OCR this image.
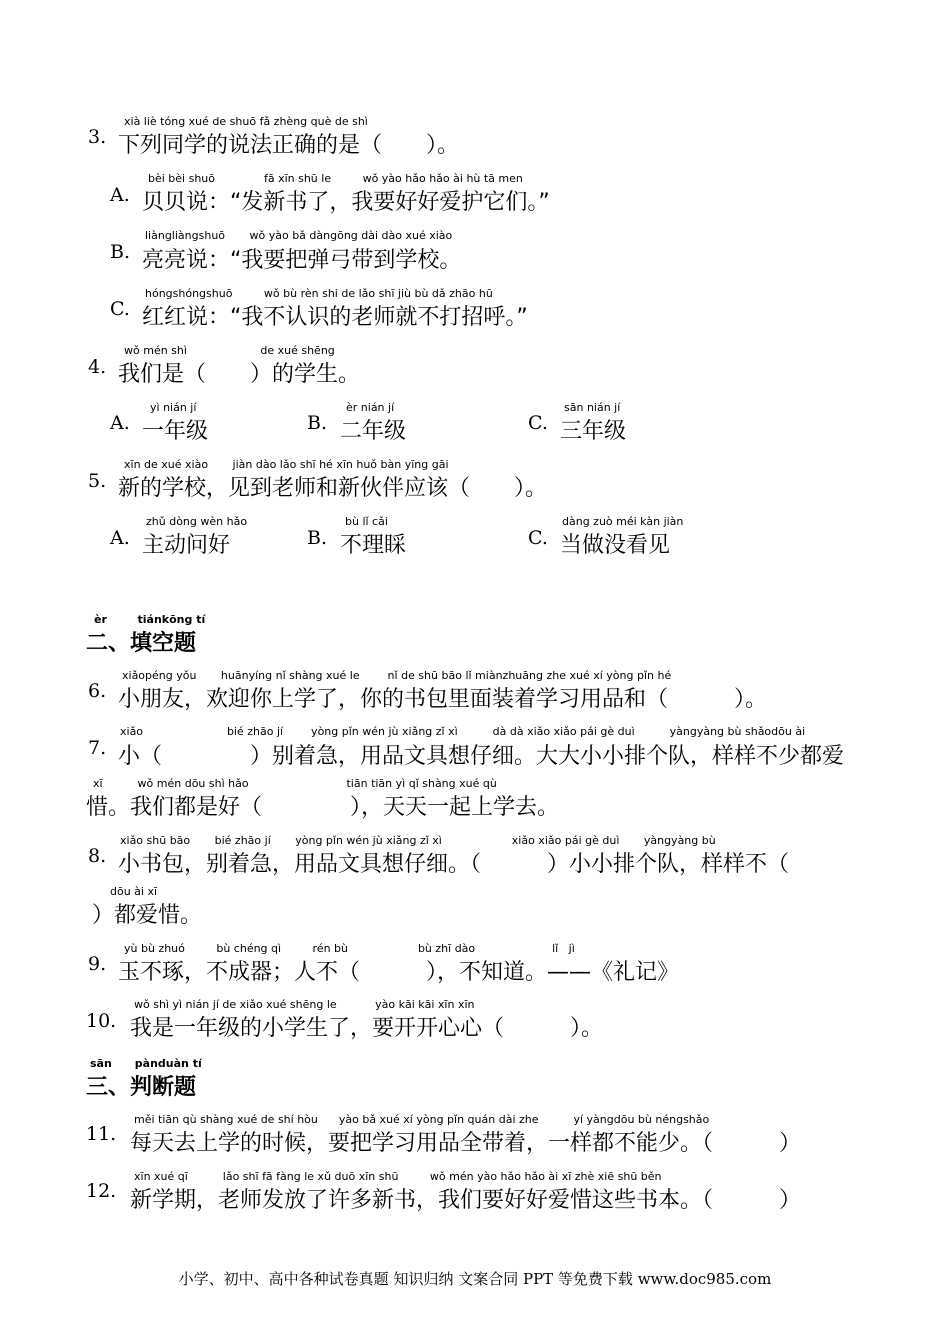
3.
xià liè tóng xué de shuō fǎ zhèng què de shì
下列同学的说法正确的是（　　）。
A.
bèi bèi shuō              fā xīn shū le         wǒ yào hǎo hǎo ài hù tā men
贝贝说：“发新书了，我要好好爱护它们。”
B.
liàngliàngshuō       wǒ yào bǎ dàngōng dài dào xué xiào
亮亮说：“我要把弹弓带到学校。
C.
hóngshóngshuō         wǒ bù rèn shi de lǎo shī jiù bù dǎ zhāo hū
红红说：“我不认识的老师就不打招呼。”
4.
wǒ mén shì                     de xué shēng
我们是（　　）的学生。
A.
yì nián jí
一年级	B.
èr nián jí
二年级	C.
sān nián jí
三年级
5.
xīn de xué xiào       jiàn dào lǎo shī hé xīn huǒ bàn yīng gāi
新的学校，见到老师和新伙伴应该（　　）。
A.
zhǔ dòng wèn hǎo
主动问好	B.
bù lǐ cǎi
不理睬	C.
dàng zuò méi kàn jiàn
当做没看见
èr        tiánkōng tí
二、填空题
6.
xiǎopéng yǒu       huānyíng nǐ shàng xué le        nǐ de shū bāo lǐ miànzhuāng zhe xué xí yòng pǐn hé
小朋友，欢迎你上学了，你的书包里面装着学习用品和（　　　）。
7.
xiǎo                        bié zhāo jí        yòng pǐn wén jù xiǎng zǐ xì          dà dà xiǎo xiǎo pái gè duì          yàngyàng bù shǎodōu ài
小（　　　　）别着急，用品文具想仔细。大大小小排个队，样样不少都爱
xī          wǒ mén dōu shì hǎo                            tiān tiān yì qǐ shàng xué qù
惜。我们都是好（　　　　），天天一起上学去。
8.
xiǎo shū bāo       bié zhāo jí       yòng pǐn wén jù xiǎng zǐ xì                    xiǎo xiǎo pái gè duì       yàngyàng bù
小书包，别着急，用品文具想仔细。（　　　）小小排个队，样样不（
dōu ài xī
）都爱惜。
9.
yù bù zhuó         bù chéng qì         rén bù                    bù zhī dào                      lǐ   jì
玉不琢，不成器；人不（　　　），不知道。——《礼记》
10.
wǒ shì yì nián jí de xiǎo xué shēng le           yào kāi kāi xīn xīn
我是一年级的小学生了，要开开心心（　　　）。
sān      pànduàn tí
三、判断题
11.
měi tiān qù shàng xué de shí hòu      yào bǎ xué xí yòng pǐn quán dài zhe          yí yàngdōu bù néngshǎo
每天去上学的时候，要把学习用品全带着，一样都不能少。（　　　）
12.
xīn xué qī          lǎo shī fā fàng le xǔ duō xīn shū         wǒ mén yào hǎo hǎo ài xī zhè xiē shū běn
新学期，老师发放了许多新书，我们要好好爱惜这些书本。（　　　）
小学、初中、高中各种试卷真题 知识归纳 文案合同 PPT 等免费下载 www.doc985.com
